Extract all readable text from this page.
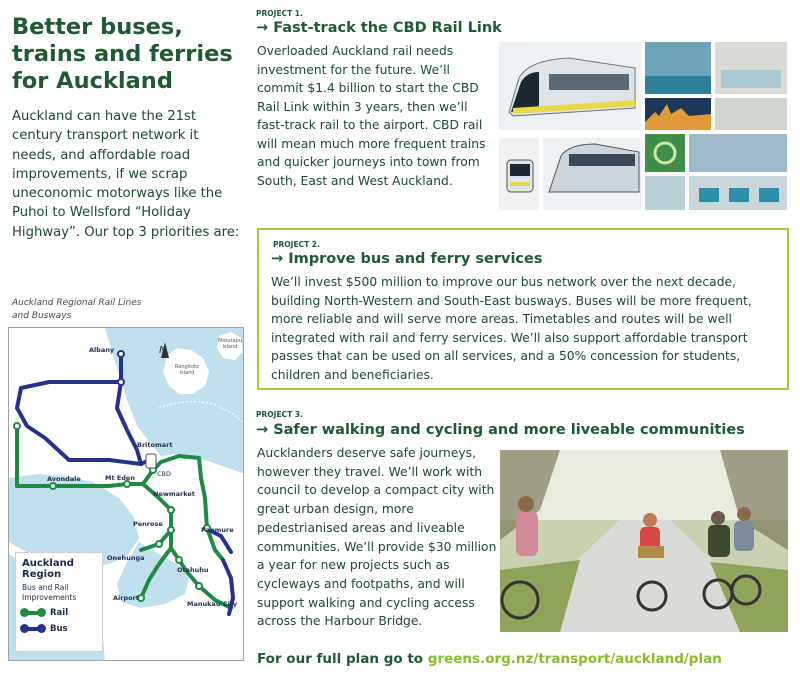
Better buses, trains and ferries for Auckland
Auckland can have the 21st century transport network it needs, and affordable road improvements, if we scrap uneconomic motorways like the Puhoi to Wellsford “Holiday Highway”. Our top 3 priorities are:
Auckland Regional Rail Lines and Busways
N
Rangitoto Island
Motutapu Island
Albany
Britomart
CBD
Avondale	Mt Eden
Newmarket
Penrose
Onehunga
Panmure
Otahuhu
Airport
Manukau City
Auckland Region
Bus and Rail Improvements
Rail
Bus
PROJECT 1.
→ Fast-track the CBD Rail Link
Overloaded Auckland rail needs investment for the future. We’ll commit $1.4 billion to start the CBD Rail Link within 3 years, then we’ll fast-track rail to the airport. CBD rail will mean much more frequent trains and quicker journeys into town from South, East and West Auckland.
PROJECT 2.
→ Improve bus and ferry services
We’ll invest $500 million to improve our bus network over the next decade, building North-Western and South-East busways. Buses will be more frequent, more reliable and will serve more areas. Timetables and routes will be well integrated with rail and ferry services. We’ll also support affordable transport passes that can be used on all services, and a 50% concession for students, children and beneficiaries.
PROJECT 3.
→ Safer walking and cycling and more liveable communities
Aucklanders deserve safe journeys, however they travel. We’ll work with council to develop a compact city with great urban design, more pedestrianised areas and liveable communities. We’ll provide $30 million a year for new projects such as cycleways and footpaths, and will support walking and cycling access across the Harbour Bridge.
For our full plan go to greens.org.nz/transport/auckland/plan
